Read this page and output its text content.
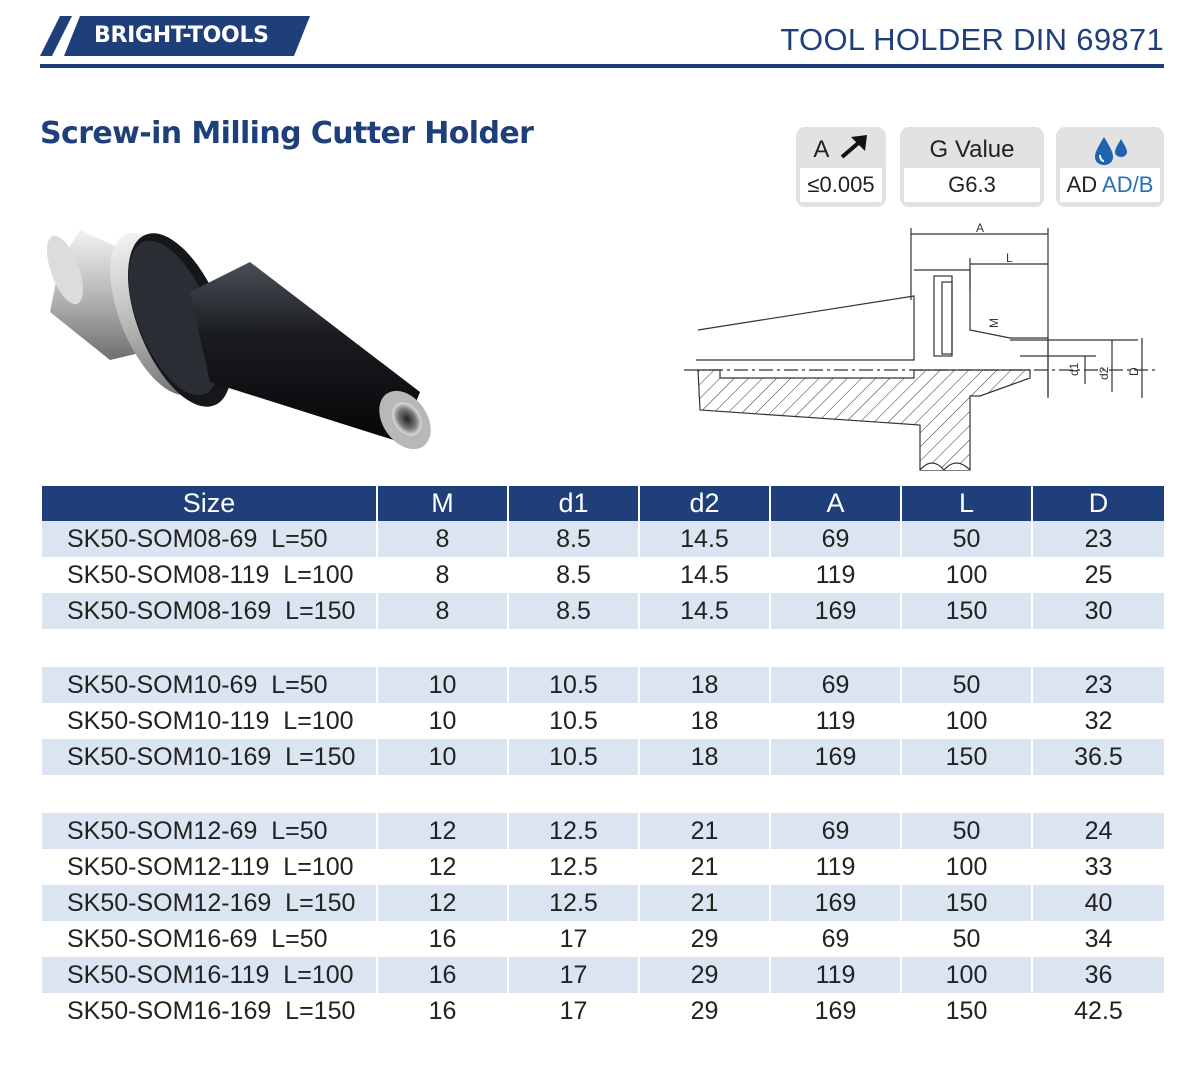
BRIGHT-TOOLS	TOOL HOLDER DIN 69871
Screw-in Milling Cutter Holder	A
≤0.005
G Value
G6.3	AD AD/B
A
L
M
d1 d2 D
Size	M	d1	d2	A	L	D
SK50-SOM08-69  L=50	8	8.5	14.5	69	50	23
SK50-SOM08-119  L=100	8	8.5	14.5	119	100	25
SK50-SOM08-169  L=150	8	8.5	14.5	169	150	30

SK50-SOM10-69  L=50	10	10.5	18	69	50	23
SK50-SOM10-119  L=100	10	10.5	18	119	100	32
SK50-SOM10-169  L=150	10	10.5	18	169	150	36.5

SK50-SOM12-69  L=50	12	12.5	21	69	50	24
SK50-SOM12-119  L=100	12	12.5	21	119	100	33
SK50-SOM12-169  L=150	12	12.5	21	169	150	40
SK50-SOM16-69  L=50	16	17	29	69	50	34
SK50-SOM16-119  L=100	16	17	29	119	100	36
SK50-SOM16-169  L=150	16	17	29	169	150	42.5
